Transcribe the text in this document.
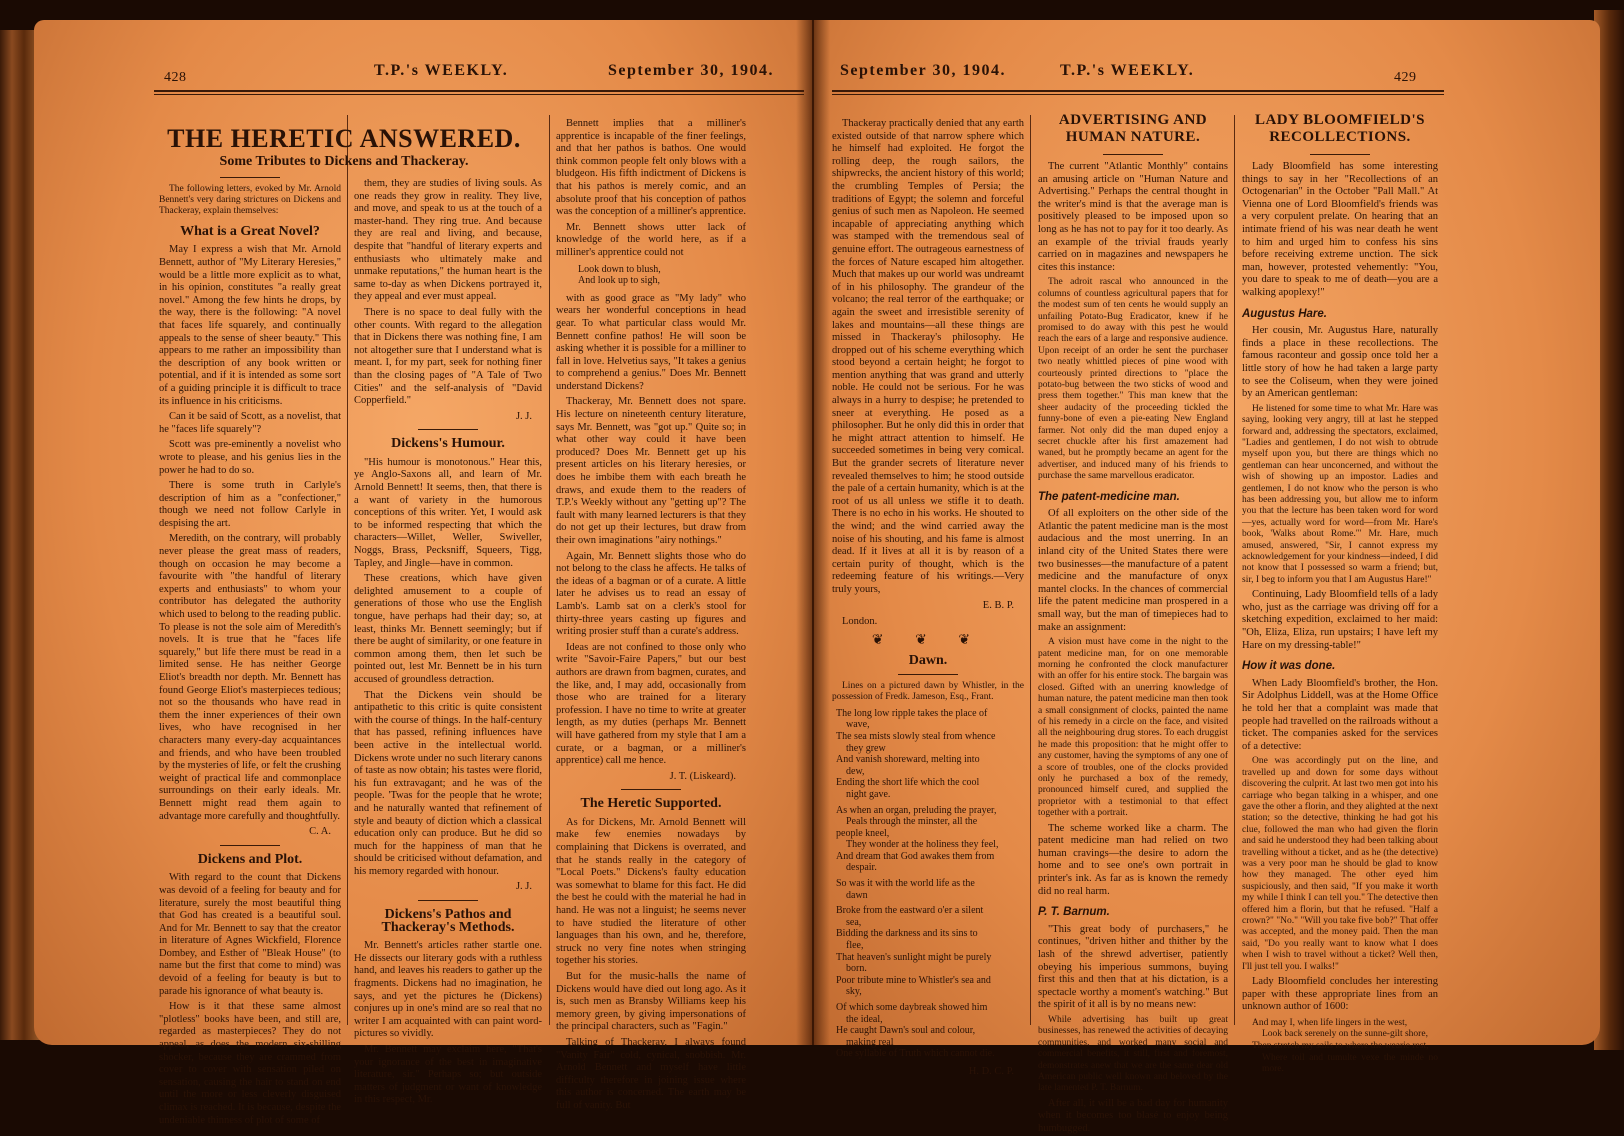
428	T.P.'s WEEKLY.	September 30, 1904.
THE HERETIC ANSWERED.
Some Tributes to Dickens and Thackeray.

The following letters, evoked by Mr. Arnold Bennett's very daring strictures on Dickens and Thackeray, explain themselves:

What is a Great Novel?

May I express a wish that Mr. Arnold Bennett, author of "My Literary Heresies," would be a little more explicit as to what, in his opinion, constitutes "a really great novel." Among the few hints he drops, by the way, there is the following: "A novel that faces life squarely, and continually appeals to the sense of sheer beauty." This appears to me rather an impossibility than the description of any book written or potential, and if it is intended as some sort of a guiding principle it is difficult to trace its influence in his criticisms.

Can it be said of Scott, as a novelist, that he "faces life squarely"?

Scott was pre-eminently a novelist who wrote to please, and his genius lies in the power he had to do so.

There is some truth in Carlyle's description of him as a "confectioner," though we need not follow Carlyle in despising the art.

Meredith, on the contrary, will probably never please the great mass of readers, though on occasion he may become a favourite with "the handful of literary experts and enthusiasts" to whom your contributor has delegated the authority which used to belong to the reading public. To please is not the sole aim of Meredith's novels. It is true that he "faces life squarely," but life there must be read in a limited sense. He has neither George Eliot's breadth nor depth. Mr. Bennett has found George Eliot's masterpieces tedious; not so the thousands who have read in them the inner experiences of their own lives, who have recognised in her characters many every-day acquaintances and friends, and who have been troubled by the mysteries of life, or felt the crushing weight of practical life and commonplace surroundings on their early ideals. Mr. Bennett might read them again to advantage more carefully and thoughtfully.

C. A.
Dickens and Plot.

With regard to the count that Dickens was devoid of a feeling for beauty and for literature, surely the most beautiful thing that God has created is a beautiful soul. And for Mr. Bennett to say that the creator in literature of Agnes Wickfield, Florence Dombey, and Esther of "Bleak House" (to name but the first that come to mind) was devoid of a feeling for beauty is but to parade his ignorance of what beauty is.

How is it that these same almost "plotless" books have been, and still are, regarded as masterpieces? They do not appeal, as does the modern six-shilling shocker, because they are crammed from cover to cover with sensation piled on sensation, causing the hair to stand on end until the more or less cleverly disguised climax is reached. It is because, despite the undeniable thinness of plot of some of

them, they are studies of living souls. As one reads they grow in reality. They live, and move, and speak to us at the touch of a master-hand. They ring true. And because they are real and living, and because, despite that "handful of literary experts and enthusiasts who ultimately make and unmake reputations," the human heart is the same to-day as when Dickens portrayed it, they appeal and ever must appeal.

There is no space to deal fully with the other counts. With regard to the allegation that in Dickens there was nothing fine, I am not altogether sure that I understand what is meant. I, for my part, seek for nothing finer than the closing pages of "A Tale of Two Cities" and the self-analysis of "David Copperfield."

J. J.
Dickens's Humour.

"His humour is monotonous." Hear this, ye Anglo-Saxons all, and learn of Mr. Arnold Bennett! It seems, then, that there is a want of variety in the humorous conceptions of this writer. Yet, I would ask to be informed respecting that which the characters—Willet, Weller, Swiveller, Noggs, Brass, Pecksniff, Squeers, Tigg, Tapley, and Jingle—have in common.

These creations, which have given delighted amusement to a couple of generations of those who use the English tongue, have perhaps had their day; so, at least, thinks Mr. Bennett seemingly; but if there be aught of similarity, or one feature in common among them, then let such be pointed out, lest Mr. Bennett be in his turn accused of groundless detraction.

That the Dickens vein should be antipathetic to this critic is quite consistent with the course of things. In the half-century that has passed, refining influences have been active in the intellectual world. Dickens wrote under no such literary canons of taste as now obtain; his tastes were florid, his fun extravagant; and he was of the people. 'Twas for the people that he wrote; and he naturally wanted that refinement of style and beauty of diction which a classical education only can produce. But he did so much for the happiness of man that he should be criticised without defamation, and his memory regarded with honour.

J. J.
Dickens's Pathos and Thackeray's Methods.

Mr. Bennett's articles rather startle one. He dissects our literary gods with a ruthless hand, and leaves his readers to gather up the fragments. Dickens had no imagination, he says, and yet the pictures he (Dickens) conjures up in one's mind are so real that no writer I am acquainted with can paint word-pictures so vividly.

Mr. Bennett may exclaim here, "That's your ignorance of the best in imaginative literature, sir." Perhaps so; but outside matters of judgment or want of knowledge in this respect, Mr.

Bennett implies that a milliner's apprentice is incapable of the finer feelings, and that her pathos is bathos. One would think common people felt only blows with a bludgeon. His fifth indictment of Dickens is that his pathos is merely comic, and an absolute proof that his conception of pathos was the conception of a milliner's apprentice.

Mr. Bennett shows utter lack of knowledge of the world here, as if a milliner's apprentice could not

Look down to blush,
And look up to sigh,

with as good grace as "My lady" who wears her wonderful conceptions in head gear. To what particular class would Mr. Bennett confine pathos! He will soon be asking whether it is possible for a milliner to fall in love. Helvetius says, "It takes a genius to comprehend a genius." Does Mr. Bennett understand Dickens?

Thackeray, Mr. Bennett does not spare. His lecture on nineteenth century literature, says Mr. Bennett, was "got up." Quite so; in what other way could it have been produced? Does Mr. Bennett get up his present articles on his literary heresies, or does he imbibe them with each breath he draws, and exude them to the readers of T.P.'s Weekly without any "getting up"? The fault with many learned lecturers is that they do not get up their lectures, but draw from their own imaginations "airy nothings."

Again, Mr. Bennett slights those who do not belong to the class he affects. He talks of the ideas of a bagman or of a curate. A little later he advises us to read an essay of Lamb's. Lamb sat on a clerk's stool for thirty-three years casting up figures and writing prosier stuff than a curate's address.

Ideas are not confined to those only who write "Savoir-Faire Papers," but our best authors are drawn from bagmen, curates, and the like, and, I may add, occasionally from those who are trained for a literary profession. I have no time to write at greater length, as my duties (perhaps Mr. Bennett will have gathered from my style that I am a curate, or a bagman, or a milliner's apprentice) call me hence.

J. T. (Liskeard).
The Heretic Supported.

As for Dickens, Mr. Arnold Bennett will make few enemies nowadays by complaining that Dickens is overrated, and that he stands really in the category of "Local Poets." Dickens's faulty education was somewhat to blame for this fact. He did the best he could with the material he had in hand. He was not a linguist; he seems never to have studied the literature of other languages than his own, and he, therefore, struck no very fine notes when stringing together his stories.

But for the music-halls the name of Dickens would have died out long ago. As it is, such men as Bransby Williams keep his memory green, by giving impersonations of the principal characters, such as "Fagin."

Talking of Thackeray, I always found "Vanity Fair" cold, cynical, snobbish. Mr. Arnold Bennett and myself have little difficulty therefore in joining issue where this author is concerned. The earth may be full of vanity. But

September 30, 1904.	T.P.'s WEEKLY.	429

Thackeray practically denied that any earth existed outside of that narrow sphere which he himself had exploited. He forgot the rolling deep, the rough sailors, the shipwrecks, the ancient history of this world; the crumbling Temples of Persia; the traditions of Egypt; the solemn and forceful genius of such men as Napoleon. He seemed incapable of appreciating anything which was stamped with the tremendous seal of genuine effort. The outrageous earnestness of the forces of Nature escaped him altogether. Much that makes up our world was undreamt of in his philosophy. The grandeur of the volcano; the real terror of the earthquake; or again the sweet and irresistible serenity of lakes and mountains—all these things are missed in Thackeray's philosophy. He dropped out of his scheme everything which stood beyond a certain height; he forgot to mention anything that was grand and utterly noble. He could not be serious. For he was always in a hurry to despise; he pretended to sneer at everything. He posed as a philosopher. But he only did this in order that he might attract attention to himself. He succeeded sometimes in being very comical. But the grander secrets of literature never revealed themselves to him; he stood outside the pale of a certain humanity, which is at the root of us all unless we stifle it to death. There is no echo in his works. He shouted to the wind; and the wind carried away the noise of his shouting, and his fame is almost dead. If it lives at all it is by reason of a certain purity of thought, which is the redeeming feature of his writings.—Very truly yours,

E. B. P.
London.
❦ ❦ ❦
Dawn.

Lines on a pictured dawn by Whistler, in the possession of Fredk. Jameson, Esq., Frant.

The long low ripple takes the place of
wave,
The sea mists slowly steal from whence
they grew
And vanish shoreward, melting into
dew,
Ending the short life which the cool
night gave.
As when an organ, preluding the prayer,
Peals through the minster, all the
people kneel,
They wonder at the holiness they feel,
And dream that God awakes them from
despair.
So was it with the world life as the
dawn
Broke from the eastward o'er a silent
sea,
Bidding the darkness and its sins to
flee,
That heaven's sunlight might be purely
born.
Poor tribute mine to Whistler's sea and
sky,
Of which some daybreak showed him
the ideal,
He caught Dawn's soul and colour,
making real
One syllable of Truth which cannot die.
H. D. C. P.
ADVERTISING AND HUMAN NATURE.

The current "Atlantic Monthly" contains an amusing article on "Human Nature and Advertising." Perhaps the central thought in the writer's mind is that the average man is positively pleased to be imposed upon so long as he has not to pay for it too dearly. As an example of the trivial frauds yearly carried on in magazines and newspapers he cites this instance:

The adroit rascal who announced in the columns of countless agricultural papers that for the modest sum of ten cents he would supply an unfailing Potato-Bug Eradicator, knew if he promised to do away with this pest he would reach the ears of a large and responsive audience. Upon receipt of an order he sent the purchaser two neatly whittled pieces of pine wood with courteously printed directions to "place the potato-bug between the two sticks of wood and press them together." This man knew that the sheer audacity of the proceeding tickled the funny-bone of even a pie-eating New England farmer. Not only did the man duped enjoy a secret chuckle after his first amazement had waned, but he promptly became an agent for the advertiser, and induced many of his friends to purchase the same marvellous eradicator.

The patent-medicine man.

Of all exploiters on the other side of the Atlantic the patent medicine man is the most audacious and the most unerring. In an inland city of the United States there were two businesses—the manufacture of a patent medicine and the manufacture of onyx mantel clocks. In the chances of commercial life the patent medicine man prospered in a small way, but the man of timepieces had to make an assignment:

A vision must have come in the night to the patent medicine man, for on one memorable morning he confronted the clock manufacturer with an offer for his entire stock. The bargain was closed. Gifted with an unerring knowledge of human nature, the patent medicine man then took a small consignment of clocks, painted the name of his remedy in a circle on the face, and visited all the neighbouring drug stores. To each druggist he made this proposition: that he might offer to any customer, having the symptoms of any one of a score of troubles, one of the clocks provided only he purchased a box of the remedy, pronounced himself cured, and supplied the proprietor with a testimonial to that effect together with a portrait.

The scheme worked like a charm. The patent medicine man had relied on two human cravings—the desire to adorn the home and to see one's own portrait in printer's ink. As far as is known the remedy did no real harm.

P. T. Barnum.

"This great body of purchasers," he continues, "driven hither and thither by the lash of the shrewd advertiser, patiently obeying his imperious summons, buying first this and then that at his dictation, is a spectacle worthy a moment's watching." But the spirit of it all is by no means new:

While advertising has built up great businesses, has renewed the activities of decaying communities, and worked many social and commercial benefits, it still, first and foremost, demonstrates anew that we are the same dear old American public well known and beloved by the late lamented P. T. Barnum.

After all, it will be a bad day for humanity when it becomes too blasé to enjoy being humbugged.

LADY BLOOMFIELD'S RECOLLECTIONS.

Lady Bloomfield has some interesting things to say in her "Recollections of an Octogenarian" in the October "Pall Mall." At Vienna one of Lord Bloomfield's friends was a very corpulent prelate. On hearing that an intimate friend of his was near death he went to him and urged him to confess his sins before receiving extreme unction. The sick man, however, protested vehemently: "You, you dare to speak to me of death—you are a walking apoplexy!"

Augustus Hare.

Her cousin, Mr. Augustus Hare, naturally finds a place in these recollections. The famous raconteur and gossip once told her a little story of how he had taken a large party to see the Coliseum, when they were joined by an American gentleman:

He listened for some time to what Mr. Hare was saying, looking very angry, till at last he stepped forward and, addressing the spectators, exclaimed, "Ladies and gentlemen, I do not wish to obtrude myself upon you, but there are things which no gentleman can hear unconcerned, and without the wish of showing up an impostor. Ladies and gentlemen, I do not know who the person is who has been addressing you, but allow me to inform you that the lecture has been taken word for word—yes, actually word for word—from Mr. Hare's book, 'Walks about Rome.'" Mr. Hare, much amused, answered, "Sir, I cannot express my acknowledgement for your kindness—indeed, I did not know that I possessed so warm a friend; but, sir, I beg to inform you that I am Augustus Hare!"

Continuing, Lady Bloomfield tells of a lady who, just as the carriage was driving off for a sketching expedition, exclaimed to her maid: "Oh, Eliza, Eliza, run upstairs; I have left my Hare on my dressing-table!"

How it was done.

When Lady Bloomfield's brother, the Hon. Sir Adolphus Liddell, was at the Home Office he told her that a complaint was made that people had travelled on the railroads without a ticket. The companies asked for the services of a detective:

One was accordingly put on the line, and travelled up and down for some days without discovering the culprit. At last two men got into his carriage who began talking in a whisper, and one gave the other a florin, and they alighted at the next station; so the detective, thinking he had got his clue, followed the man who had given the florin and said he understood they had been talking about travelling without a ticket, and as he (the detective) was a very poor man he should be glad to know how they managed. The other eyed him suspiciously, and then said, "If you make it worth my while I think I can tell you." The detective then offered him a florin, but that he refused. "Half a crown?" "No." "Will you take five bob?" That offer was accepted, and the money paid. Then the man said, "Do you really want to know what I does when I wish to travel without a ticket? Well then, I'll just tell you. I walks!"

Lady Bloomfield concludes her interesting paper with these appropriate lines from an unknown author of 1600:

And may I, when life lingers in the west,
Look back serenely on the sunne-gilt shore,
Then stretch my sails to where the wearie rest,
Where toil and tumulte vexe the minde no more.
